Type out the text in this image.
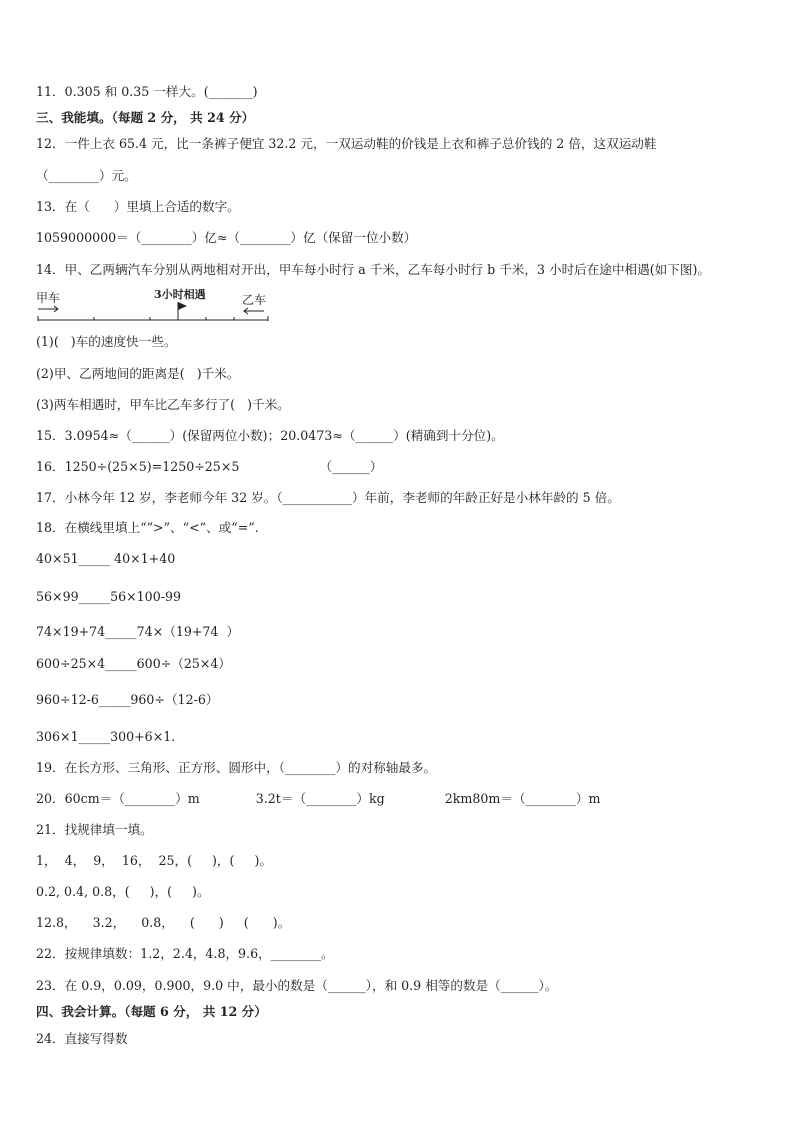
11．0.305 和 0.35 一样大。(_______)
三、我能填。（每题 2 分， 共 24 分）
12．一件上衣 65.4 元，比一条裤子便宜 32.2 元，一双运动鞋的价钱是上衣和裤子总价钱的 2 倍，这双运动鞋
（________）元。
13．在（      ）里填上合适的数字。
1059000000＝（________）亿≈（________）亿（保留一位小数）
14．甲、乙两辆汽车分别从两地相对开出，甲车每小时行 a 千米，乙车每小时行 b 千米，3 小时后在途中相遇(如下图)。
甲车	3小时相遇	乙车
(1)(   )车的速度快一些。
(2)甲、乙两地间的距离是(   )千米。
(3)两车相遇时，甲车比乙车多行了(   )千米。
15．3.0954≈（______）(保留两位小数)；20.0473≈（______）(精确到十分位)。
16．1250÷(25×5)=1250÷25×5                    （______）
17．小林今年 12 岁，李老师今年 32 岁。（___________）年前，李老师的年龄正好是小林年龄的 5 倍。
18．在横线里填上“”>”、“<”、或“=”.
40×51_____ 40×1+40
56×99_____56×100-99
74×19+74_____74×（19+74  ）
600÷25×4_____600÷（25×4）
960÷12-6_____960÷（12-6）
306×1_____300+6×1.
19．在长方形、三角形、正方形、圆形中，（________）的对称轴最多。
20．60cm＝（________）m              3.2t＝（________）kg               2km80m＝（________）m
21．找规律填一填。
1，  4，  9，  16，  25，(     )，(     )。
0.2, 0.4, 0.8，(     )，(     )。
12.8，    3.2，    0.8，    (      )     (      )。
22．按规律填数：1.2，2.4，4.8，9.6，________。
23．在 0.9，0.09，0.900，9.0 中，最小的数是（______），和 0.9 相等的数是（______）。
四、我会计算。（每题 6 分， 共 12 分）
24．直接写得数
